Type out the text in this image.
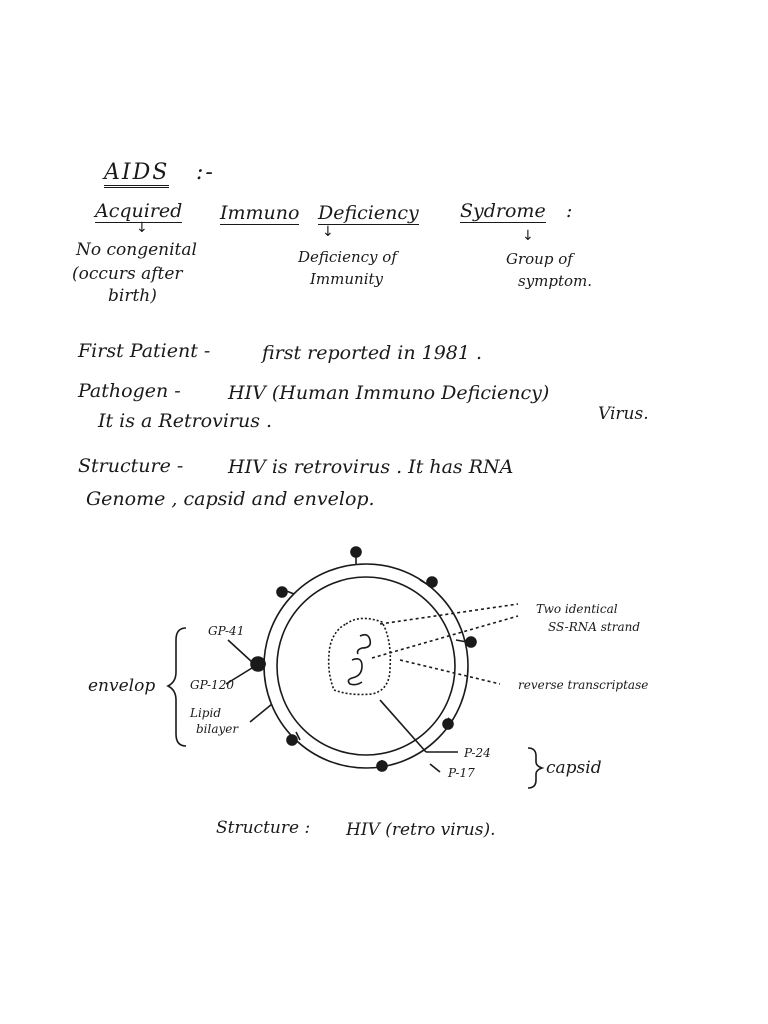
AIDS :-
Acquired Immuno Deficiency Sydrome :
↓	↓	↓
No congenital
(occurs after
birth)
Deficiency of
Immunity
Group of
symptom.
First Patient -	first reported in 1981 .
Pathogen - HIV (Human Immuno Deficiency)
Virus.
It is a Retrovirus .
Structure - HIV is retrovirus . It has RNA
Genome , capsid and envelop.
GP-41
envelop	GP-120
Lipid
bilayer
Two identical
SS-RNA strand
reverse transcriptase
P-24
P-17	capsid
Structure : HIV (retro virus).
